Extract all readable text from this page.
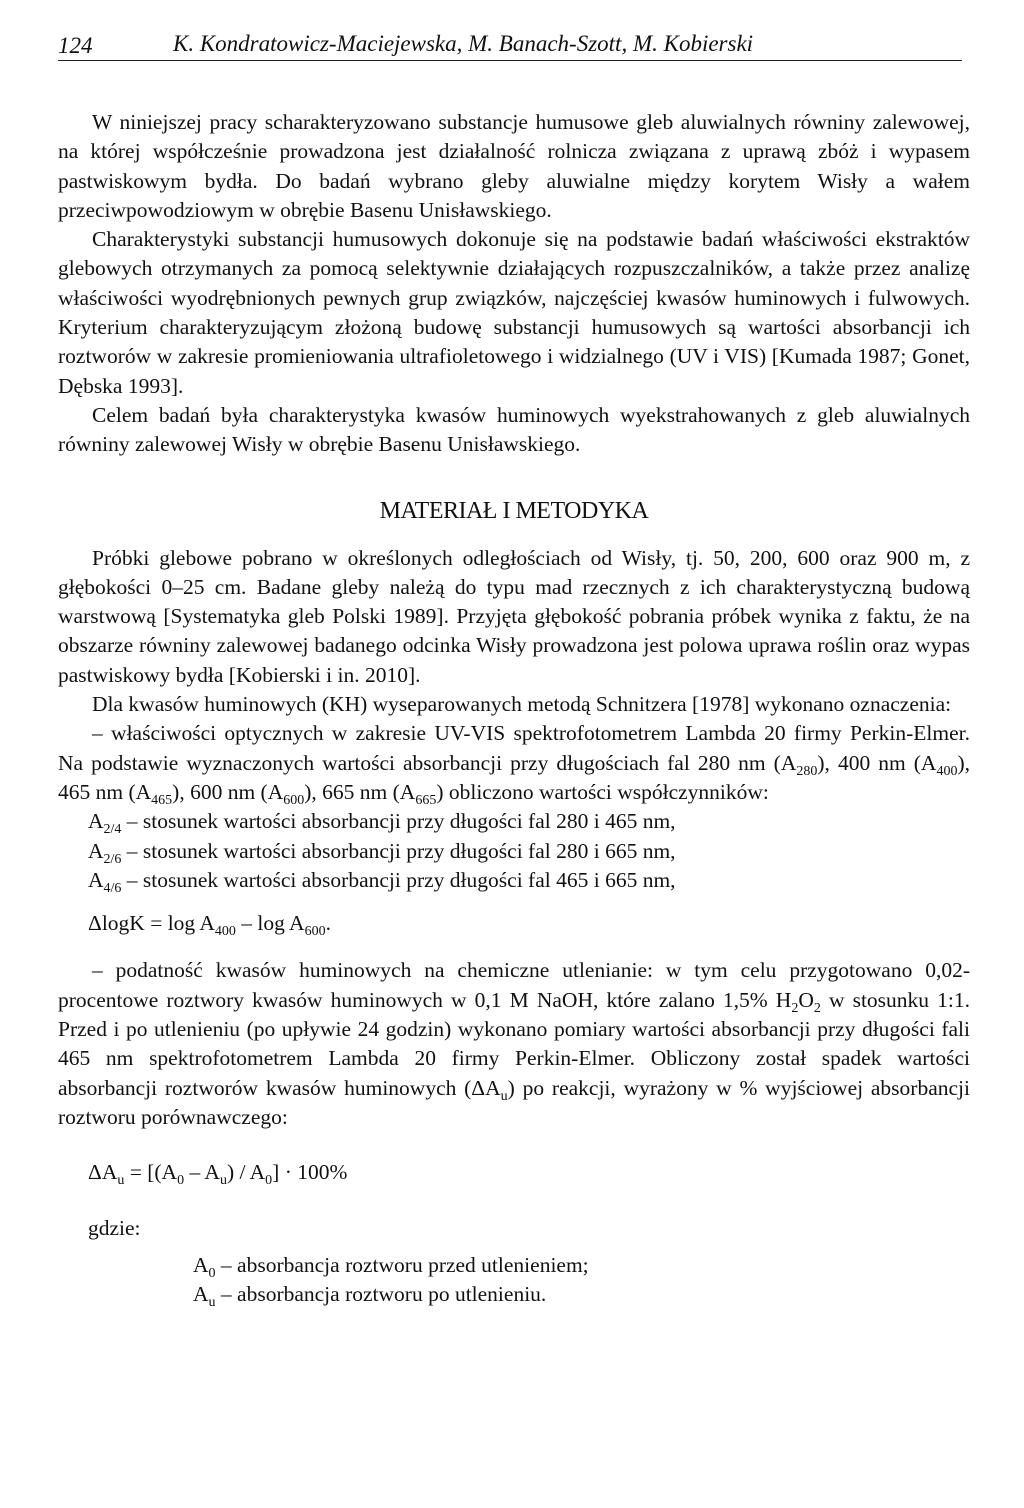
124	K. Kondratowicz-Maciejewska, M. Banach-Szott, M. Kobierski

W niniejszej pracy scharakteryzowano substancje humusowe gleb aluwialnych równiny zalewowej, na której współcześnie prowadzona jest działalność rolnicza związana z uprawą zbóż i wypasem pastwiskowym bydła. Do badań wybrano gleby aluwialne między korytem Wisły a wałem przeciwpowodziowym w obrębie Basenu Unisławskiego.

Charakterystyki substancji humusowych dokonuje się na podstawie badań właściwości ekstraktów glebowych otrzymanych za pomocą selektywnie działających rozpuszczalników, a także przez analizę właściwości wyodrębnionych pewnych grup związków, najczęściej kwasów huminowych i fulwowych. Kryterium charakteryzującym złożoną budowę substancji humusowych są wartości absorbancji ich roztworów w zakresie promieniowania ultrafioletowego i widzialnego (UV i VIS) [Kumada 1987; Gonet, Dębska 1993].

Celem badań była charakterystyka kwasów huminowych wyekstrahowanych z gleb aluwialnych równiny zalewowej Wisły w obrębie Basenu Unisławskiego.

MATERIAŁ I METODYKA

Próbki glebowe pobrano w określonych odległościach od Wisły, tj. 50, 200, 600 oraz 900 m, z głębokości 0–25 cm. Badane gleby należą do typu mad rzecznych z ich charakterystyczną budową warstwową [Systematyka gleb Polski 1989]. Przyjęta głębokość pobrania próbek wynika z faktu, że na obszarze równiny zalewowej badanego odcinka Wisły prowadzona jest polowa uprawa roślin oraz wypas pastwiskowy bydła [Kobierski i in. 2010].

Dla kwasów huminowych (KH) wyseparowanych metodą Schnitzera [1978] wykonano oznaczenia:

– właściwości optycznych w zakresie UV-VIS spektrofotometrem Lambda 20 firmy Perkin-Elmer. Na podstawie wyznaczonych wartości absorbancji przy długościach fal 280 nm $(A_{280})$, 400 nm $(A_{400})$, 465 nm $(A_{465})$, 600 nm $(A_{600})$, 665 nm $(A_{665})$ obliczono wartości współczynników:

$A_{2/4}$ – stosunek wartości absorbancji przy długości fal 280 i 465 nm,
$A_{2/6}$ – stosunek wartości absorbancji przy długości fal 280 i 665 nm,
$A_{4/6}$ – stosunek wartości absorbancji przy długości fal 465 i 665 nm,
$\Delta\log K = \log A_{400} - \log A_{600}$.

– podatność kwasów huminowych na chemiczne utlenianie: w tym celu przygotowano 0,02-procentowe roztwory kwasów huminowych w 0,1 M NaOH, które zalano 1,5% $H_2O_2$ w stosunku 1:1. Przed i po utlenieniu (po upływie 24 godzin) wykonano pomiary wartości absorbancji przy długości fali 465 nm spektrofotometrem Lambda 20 firmy Perkin-Elmer. Obliczony został spadek wartości absorbancji roztworów kwasów huminowych $(\Delta A_u)$ po reakcji, wyrażony w % wyjściowej absorbancji roztworu porównawczego:

$\Delta A_u = [(A_0 - A_u) / A_0] \cdot 100\%$
gdzie:
$A_0$ – absorbancja roztworu przed utlenieniem;
$A_u$ – absorbancja roztworu po utlenieniu.
